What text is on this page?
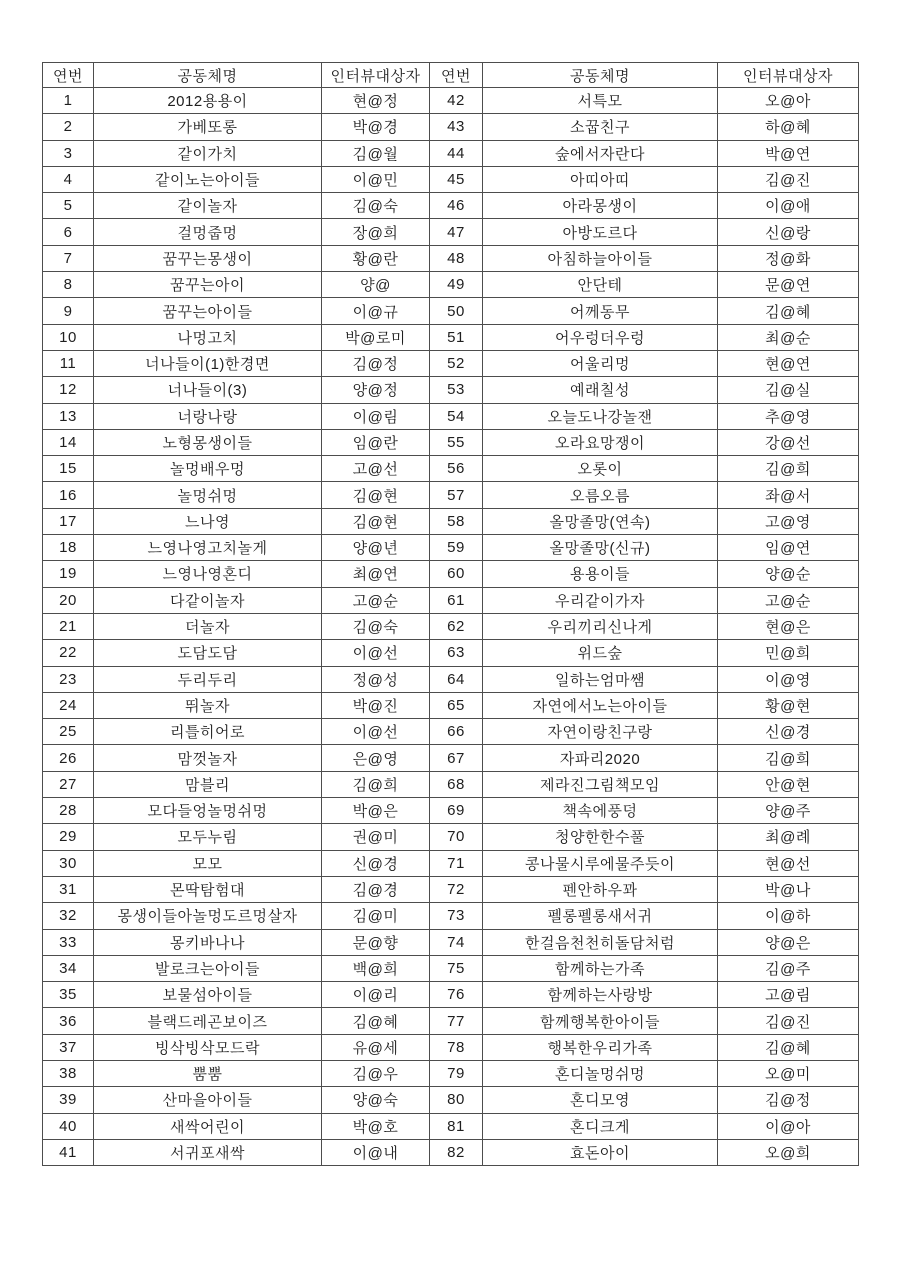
연번	공동체명	인터뷰대상자	연번	공동체명	인터뷰대상자
1	2012용용이	현@정	42	서특모	오@아
2	가베또롱	박@경	43	소꿉친구	하@혜
3	같이가치	김@월	44	숲에서자란다	박@연
4	같이노는아이들	이@민	45	아띠아띠	김@진
5	같이놀자	김@숙	46	아라몽생이	이@애
6	걸멍줍멍	장@희	47	아방도르다	신@랑
7	꿈꾸는몽생이	황@란	48	아침하늘아이들	정@화
8	꿈꾸는아이	양@	49	안단테	문@연
9	꿈꾸는아이들	이@규	50	어께동무	김@혜
10	나멍고치	박@로미	51	어우렁더우렁	최@순
11	너나들이(1)한경면	김@정	52	어울리멍	현@연
12	너나들이(3)	양@정	53	예래칠성	김@실
13	너랑나랑	이@림	54	오늘도나강놀잰	추@영
14	노형몽생이들	임@란	55	오라요망쟁이	강@선
15	놀멍배우멍	고@선	56	오롯이	김@희
16	놀멍쉬멍	김@현	57	오름오름	좌@서
17	느나영	김@현	58	올망졸망(연속)	고@영
18	느영나영고치놀게	양@년	59	올망졸망(신규)	임@연
19	느영나영혼디	최@연	60	용용이들	양@순
20	다같이놀자	고@순	61	우리같이가자	고@순
21	더놀자	김@숙	62	우리끼리신나게	현@은
22	도담도담	이@선	63	위드숲	민@희
23	두리두리	정@성	64	일하는엄마쌤	이@영
24	뛰놀자	박@진	65	자연에서노는아이들	황@현
25	리틀히어로	이@선	66	자연이랑친구랑	신@경
26	맘껏놀자	은@영	67	자파리2020	김@희
27	맘블리	김@희	68	제라진그림책모임	안@현
28	모다들엉놀멍쉬멍	박@은	69	책속에풍덩	양@주
29	모두누림	권@미	70	청양한한수풀	최@례
30	모모	신@경	71	콩나물시루에물주듯이	현@선
31	몬딱탐험대	김@경	72	펜안하우꽈	박@나
32	몽생이들아놀멍도르멍살자	김@미	73	펠롱펠롱새서귀	이@하
33	몽키바나나	문@향	74	한걸음천천히돌담처럼	양@은
34	발로크는아이들	백@희	75	함께하는가족	김@주
35	보물섬아이들	이@리	76	함께하는사랑방	고@림
36	블랙드레곤보이즈	김@혜	77	함께행복한아이들	김@진
37	빙삭빙삭모드락	유@세	78	행복한우리가족	김@혜
38	뿜뿜	김@우	79	혼디놀멍쉬멍	오@미
39	산마을아이들	양@숙	80	혼디모영	김@정
40	새싹어린이	박@호	81	혼디크게	이@아
41	서귀포새싹	이@내	82	효돈아이	오@희
